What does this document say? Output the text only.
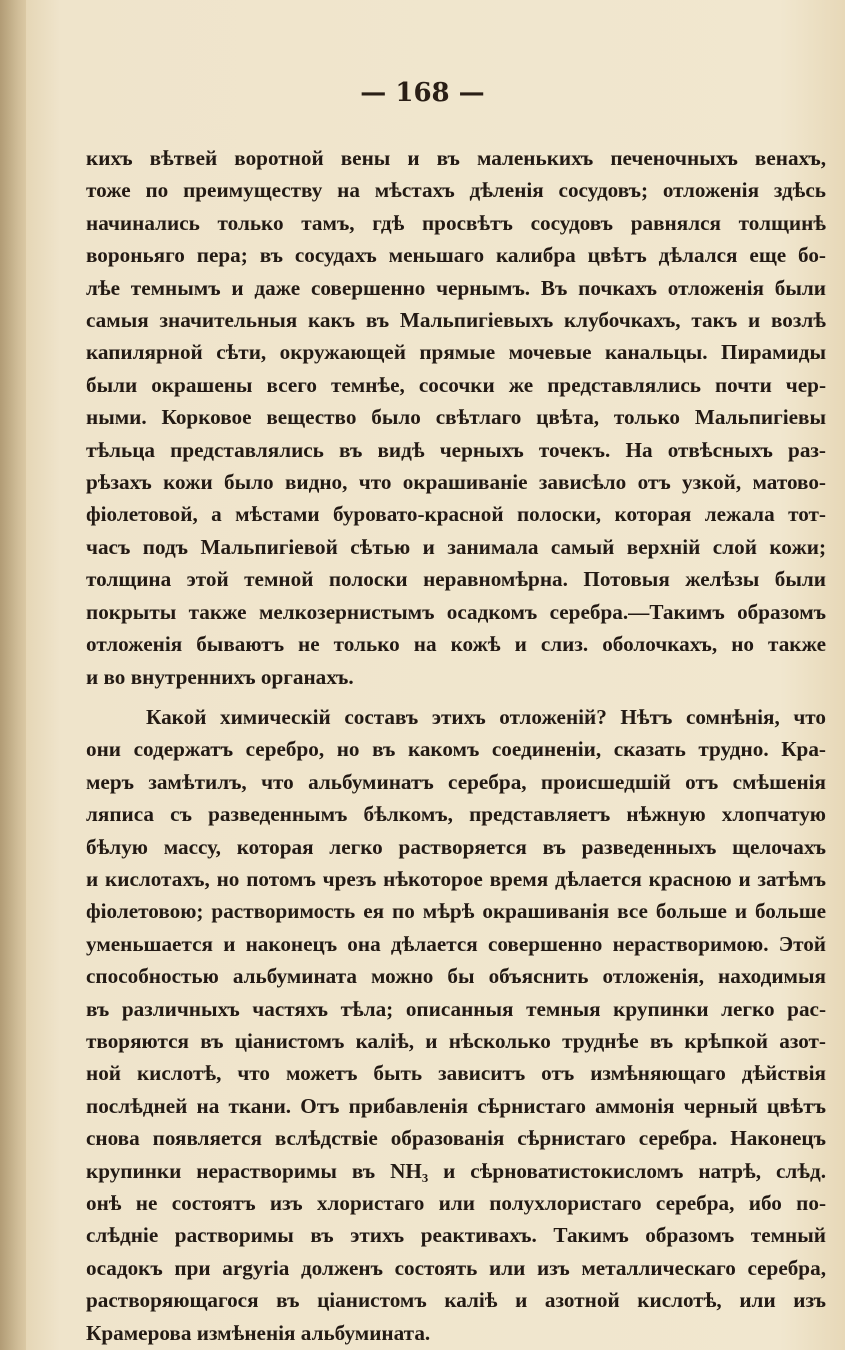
— 168 —
кихъ вѣтвей воротной вены и въ маленькихъ печеночныхъ венахъ,
тоже по преимуществу на мѣстахъ дѣленія сосудовъ; отложенія здѣсь
начинались только тамъ, гдѣ просвѣтъ сосудовъ равнялся толщинѣ
вороньяго пера; въ сосудахъ меньшаго калибра цвѣтъ дѣлался еще бо-
лѣе темнымъ и даже совершенно чернымъ. Въ почкахъ отложенія были
самыя значительныя какъ въ Мальпигіевыхъ клубочкахъ, такъ и возлѣ
капилярной сѣти, окружающей прямые мочевые канальцы. Пирамиды
были окрашены всего темнѣе, сосочки же представлялись почти чер-
ными. Корковое вещество было свѣтлаго цвѣта, только Мальпигіевы
тѣльца представлялись въ видѣ черныхъ точекъ. На отвѣсныхъ раз-
рѣзахъ кожи было видно, что окрашиваніе зависѣло отъ узкой, матово-
фіолетовой, а мѣстами буровато-красной полоски, которая лежала тот-
часъ подъ Мальпигіевой сѣтью и занимала самый верхній слой кожи;
толщина этой темной полоски неравномѣрна. Потовыя желѣзы были
покрыты также мелкозернистымъ осадкомъ серебра.—Такимъ образомъ
отложенія бываютъ не только на кожѣ и слиз. оболочкахъ, но также
и во внутреннихъ органахъ.
Какой химическій составъ этихъ отложеній? Нѣтъ сомнѣнія, что
они содержатъ серебро, но въ какомъ соединеніи, сказать трудно. Кра-
меръ замѣтилъ, что альбуминатъ серебра, происшедшій отъ смѣшенія
ляписа съ разведеннымъ бѣлкомъ, представляетъ нѣжную хлопчатую
бѣлую массу, которая легко растворяется въ разведенныхъ щелочахъ
и кислотахъ, но потомъ чрезъ нѣкоторое время дѣлается красною и затѣмъ
фіолетовою; растворимость ея по мѣрѣ окрашиванія все больше и больше
уменьшается и наконецъ она дѣлается совершенно нерастворимою. Этой
способностью альбумината можно бы объяснить отложенія, находимыя
въ различныхъ частяхъ тѣла; описанныя темныя крупинки легко рас-
творяются въ ціанистомъ каліѣ, и нѣсколько труднѣе въ крѣпкой азот-
ной кислотѣ, что можетъ быть зависитъ отъ измѣняющаго дѣйствія
послѣдней на ткани. Отъ прибавленія сѣрнистаго аммонія черный цвѣтъ
снова появляется вслѣдствіе образованія сѣрнистаго серебра. Наконецъ
крупинки нерастворимы въ NH₃ и сѣрноватистокисломъ натрѣ, слѣд.
онѣ не состоятъ изъ хлористаго или полухлористаго серебра, ибо по-
слѣдніе растворимы въ этихъ реактивахъ. Такимъ образомъ темный
осадокъ при argyria долженъ состоять или изъ металлическаго серебра,
растворяющагося въ ціанистомъ каліѣ и азотной кислотѣ, или изъ
Крамерова измѣненія альбумината.
